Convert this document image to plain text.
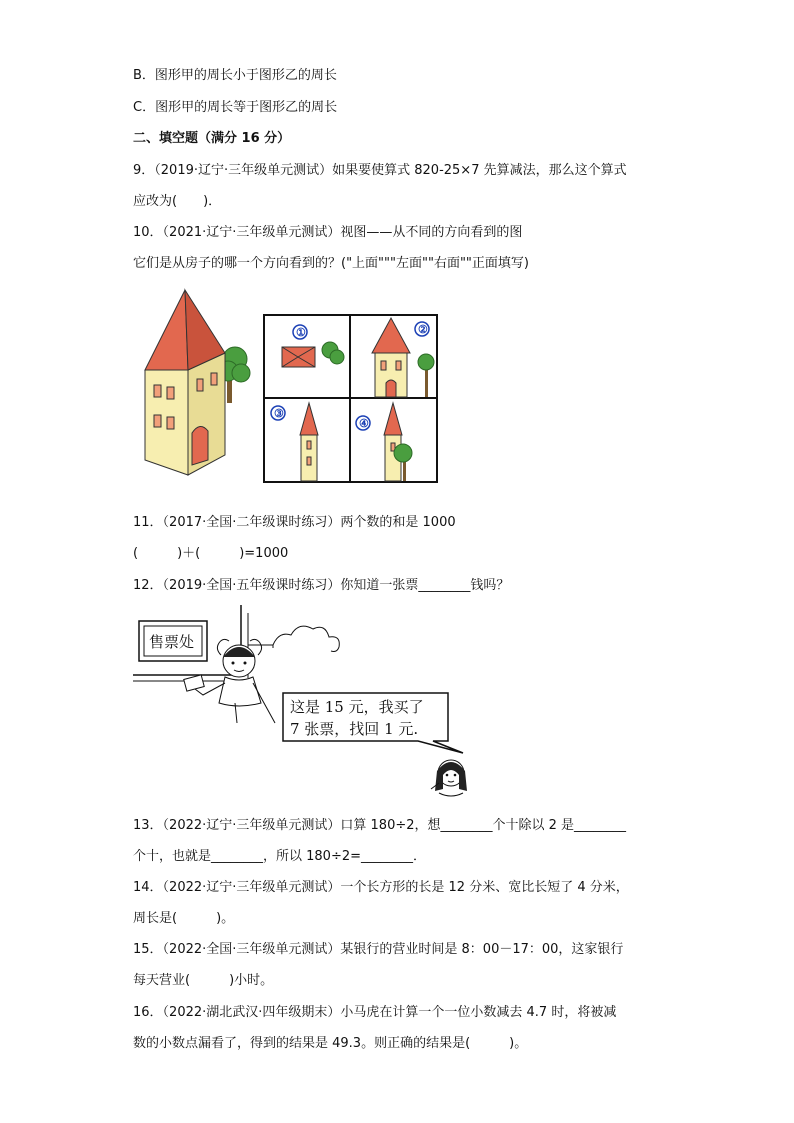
B．图形甲的周长小于图形乙的周长
C．图形甲的周长等于图形乙的周长
二、填空题（满分 16 分）
9．（2019·辽宁·三年级单元测试）如果要使算式 820-25×7 先算减法，那么这个算式
应改为(　　)．
10．（2021·辽宁·三年级单元测试）视图——从不同的方向看到的图
它们是从房子的哪一个方向看到的？("上面"""左面""右面""正面填写)
①	②
③
④
11．（2017·全国·二年级课时练习）两个数的和是 1000
(　　　)＋(　　　)=1000
12．（2019·全国·五年级课时练习）你知道一张票________钱吗？
售票处
这是 15 元，我买了
7 张票，找回 1 元.
13．（2022·辽宁·三年级单元测试）口算 180÷2，想________个十除以 2 是________
个十，也就是________，所以 180÷2=________．
14．（2022·辽宁·三年级单元测试）一个长方形的长是 12 分米、宽比长短了 4 分米，
周长是(　　　)。
15．（2022·全国·三年级单元测试）某银行的营业时间是 8：00－17：00，这家银行
每天营业(　　　)小时。
16．（2022·湖北武汉·四年级期末）小马虎在计算一个一位小数减去 4.7 时，将被减
数的小数点漏看了，得到的结果是 49.3。则正确的结果是(　　　)。
